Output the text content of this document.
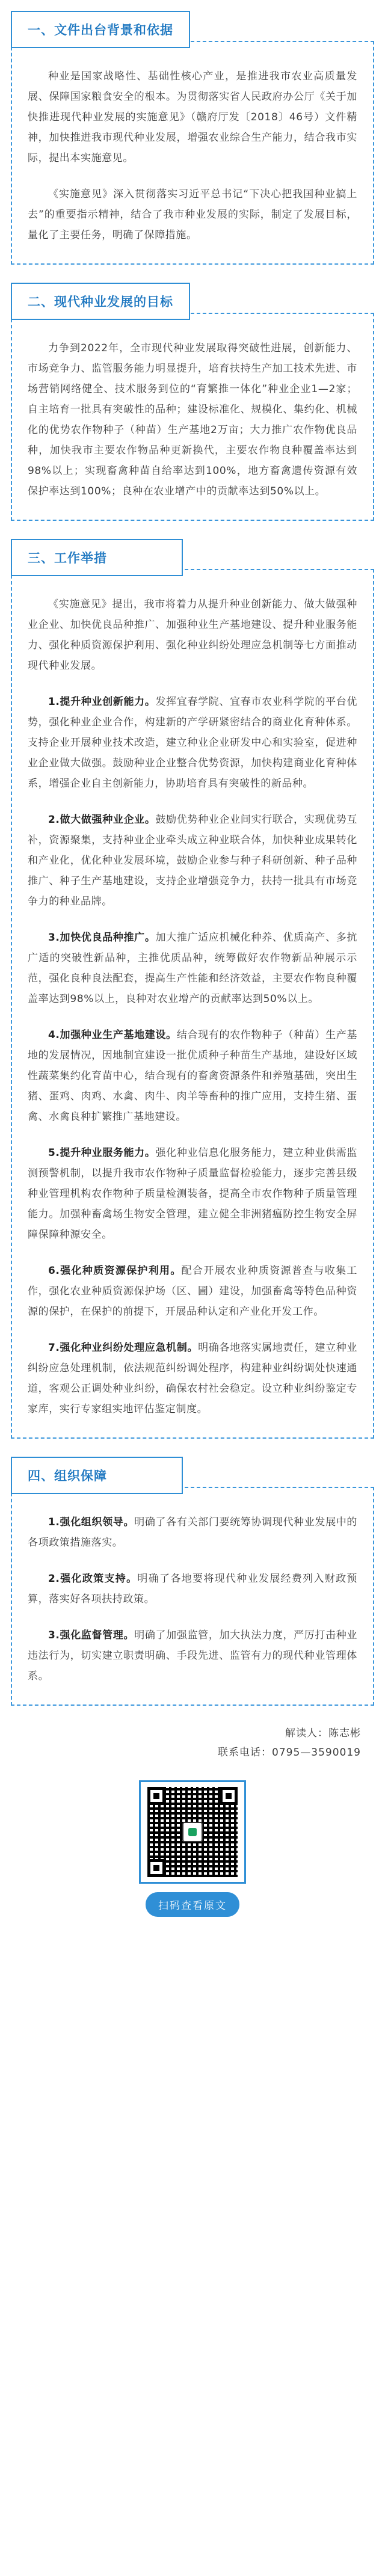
一、文件出台背景和依据

种业是国家战略性、基础性核心产业，是推进我市农业高质量发展、保障国家粮食安全的根本。为贯彻落实省人民政府办公厅《关于加快推进现代种业发展的实施意见》（赣府厅发〔2018〕46号）文件精神，加快推进我市现代种业发展，增强农业综合生产能力，结合我市实际，提出本实施意见。

《实施意见》深入贯彻落实习近平总书记“下决心把我国种业搞上去”的重要指示精神，结合了我市种业发展的实际，制定了发展目标，量化了主要任务，明确了保障措施。

二、现代种业发展的目标

力争到2022年，全市现代种业发展取得突破性进展，创新能力、市场竞争力、监管服务能力明显提升，培育扶持生产加工技术先进、市场营销网络健全、技术服务到位的“育繁推一体化”种业企业1—2家；自主培育一批具有突破性的品种；建设标准化、规模化、集约化、机械化的优势农作物种子（种苗）生产基地2万亩；大力推广农作物优良品种，加快我市主要农作物品种更新换代，主要农作物良种覆盖率达到98%以上；实现畜禽种苗自给率达到100%，地方畜禽遗传资源有效保护率达到100%；良种在农业增产中的贡献率达到50%以上。

三、工作举措

《实施意见》提出，我市将着力从提升种业创新能力、做大做强种业企业、加快优良品种推广、加强种业生产基地建设、提升种业服务能力、强化种质资源保护利用、强化种业纠纷处理应急机制等七方面推动现代种业发展。

1.提升种业创新能力。发挥宜春学院、宜春市农业科学院的平台优势，强化种业企业合作，构建新的产学研紧密结合的商业化育种体系。支持企业开展种业技术改造，建立种业企业研发中心和实验室，促进种业企业做大做强。鼓励种业企业整合优势资源，加快构建商业化育种体系，增强企业自主创新能力，协助培育具有突破性的新品种。

2.做大做强种业企业。鼓励优势种业企业间实行联合，实现优势互补，资源聚集，支持种业企业牵头成立种业联合体，加快种业成果转化和产业化，优化种业发展环境，鼓励企业参与种子科研创新、种子品种推广、种子生产基地建设，支持企业增强竞争力，扶持一批具有市场竞争力的种业品牌。

3.加快优良品种推广。加大推广适应机械化种养、优质高产、多抗广适的突破性新品种，主推优质品种，统筹做好农作物新品种展示示范，强化良种良法配套，提高生产性能和经济效益，主要农作物良种覆盖率达到98%以上，良种对农业增产的贡献率达到50%以上。

4.加强种业生产基地建设。结合现有的农作物种子（种苗）生产基地的发展情况，因地制宜建设一批优质种子种苗生产基地，建设好区域性蔬菜集约化育苗中心，结合现有的畜禽资源条件和养殖基础，突出生猪、蛋鸡、肉鸡、水禽、肉牛、肉羊等畜种的推广应用，支持生猪、蛋禽、水禽良种扩繁推广基地建设。

5.提升种业服务能力。强化种业信息化服务能力，建立种业供需监测预警机制，以提升我市农作物种子质量监督检验能力，逐步完善县级种业管理机构农作物种子质量检测装备，提高全市农作物种子质量管理能力。加强种畜禽场生物安全管理，建立健全非洲猪瘟防控生物安全屏障保障种源安全。

6.强化种质资源保护利用。配合开展农业种质资源普查与收集工作，强化农业种质资源保护场（区、圃）建设，加强畜禽等特色品种资源的保护，在保护的前提下，开展品种认定和产业化开发工作。

7.强化种业纠纷处理应急机制。明确各地落实属地责任，建立种业纠纷应急处理机制，依法规范纠纷调处程序，构建种业纠纷调处快速通道，客观公正调处种业纠纷，确保农村社会稳定。设立种业纠纷鉴定专家库，实行专家组实地评估鉴定制度。

四、组织保障

1.强化组织领导。明确了各有关部门要统筹协调现代种业发展中的各项政策措施落实。

2.强化政策支持。明确了各地要将现代种业发展经费列入财政预算，落实好各项扶持政策。

3.强化监督管理。明确了加强监管，加大执法力度，严厉打击种业违法行为，切实建立职责明确、手段先进、监管有力的现代种业管理体系。

解读人：陈志彬
联系电话：0795—3590019
扫码查看原文
